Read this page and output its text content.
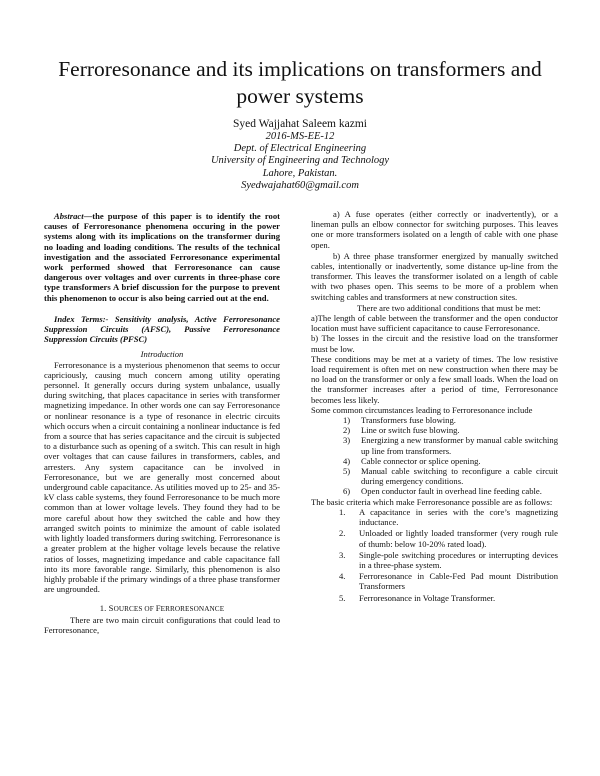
Ferroresonance and its implications on transformers and power systems
Syed Wajjahat Saleem kazmi
2016-MS-EE-12
Dept. of Electrical Engineering
University of Engineering and Technology
Lahore, Pakistan.
Syedwajahat60@gmail.com

Abstract—the purpose of this paper is to identify the root causes of Ferroresonance phenomena occuring in the power systems along with its implications on the transformer during no loading and loading conditions. The results of the technical investigation and the associated Ferroresonance experimental work performed showed that Ferroresonance can cause dangerous over voltages and over currents in three-phase core type transformers A brief discussion for the purpose to prevent this phenomenon to occur is also being carried out at the end.

Index Terms:- Sensitivity analysis, Active Ferroresonance Suppression Circuits (AFSC), Passive Ferroresonance Suppression Circuits (PFSC)

Introduction

Ferroresonance is a mysterious phenomenon that seems to occur capriciously, causing much concern among utility operating personnel. It generally occurs during system unbalance, usually during switching, that places capacitance in series with transformer magnetizing impedance. In other words one can say Ferroresonance or nonlinear resonance is a type of resonance in electric circuits which occurs when a circuit containing a nonlinear inductance is fed from a source that has series capacitance and the circuit is subjected to a disturbance such as opening of a switch. This can result in high over voltages that can cause failures in transformers, cables, and arresters. Any system capacitance can be involved in Ferroresonance, but we are generally most concerned about underground cable capacitance. As utilities moved up to 25- and 35-kV class cable systems, they found Ferroresonance to be much more common than at lower voltage levels. They found they had to be more careful about how they switched the cable and how they arranged switch points to minimize the amount of cable isolated with lightly loaded transformers during switching. Ferroresonance is a greater problem at the higher voltage levels because the relative ratios of losses, magnetizing impedance and cable capacitance fall into its more favorable range. Similarly, this phenomenon is also highly probable if the primary windings of a three phase transformer are ungrounded.

1. SOURCES OF FERRORESONANCE

There are two main circuit configurations that could lead to Ferroresonance,

a) A fuse operates (either correctly or inadvertently), or a lineman pulls an elbow connector for switching purposes. This leaves one or more transformers isolated on a length of cable with one phase open.

b) A three phase transformer energized by manually switched cables, intentionally or inadvertently, some distance up-line from the transformer. This leaves the transformer isolated on a length of cable with two phases open. This seems to be more of a problem when switching cables and transformers at new construction sites.

There are two additional conditions that must be met:

a)The length of cable between the transformer and the open conductor location must have sufficient capacitance to cause Ferroresonance.

b) The losses in the circuit and the resistive load on the transformer must be low.

These conditions may be met at a variety of times. The low resistive load requirement is often met on new construction when there may be no load on the transformer or only a few small loads. When the load on the transformer increases after a period of time, Ferroresonance becomes less likely.

Some common circumstances leading to Ferroresonance include

1) Transformers fuse blowing.
2) Line or switch fuse blowing.
3) Energizing a new transformer by manual cable switching up line from transformers.
4) Cable connector or splice opening.
5) Manual cable switching to reconfigure a cable circuit during emergency conditions.
6) Open conductor fault in overhead line feeding cable.

The basic criteria which make Ferroresonance possible are as follows:

1. A capacitance in series with the core’s magnetizing inductance.
2. Unloaded or lightly loaded transformer (very rough rule of thumb: below 10-20% rated load).
3. Single-pole switching procedures or interrupting devices in a three-phase system.
4. Ferroresonance in Cable-Fed Pad mount Distribution Transformers
5. Ferroresonance in Voltage Transformer.
